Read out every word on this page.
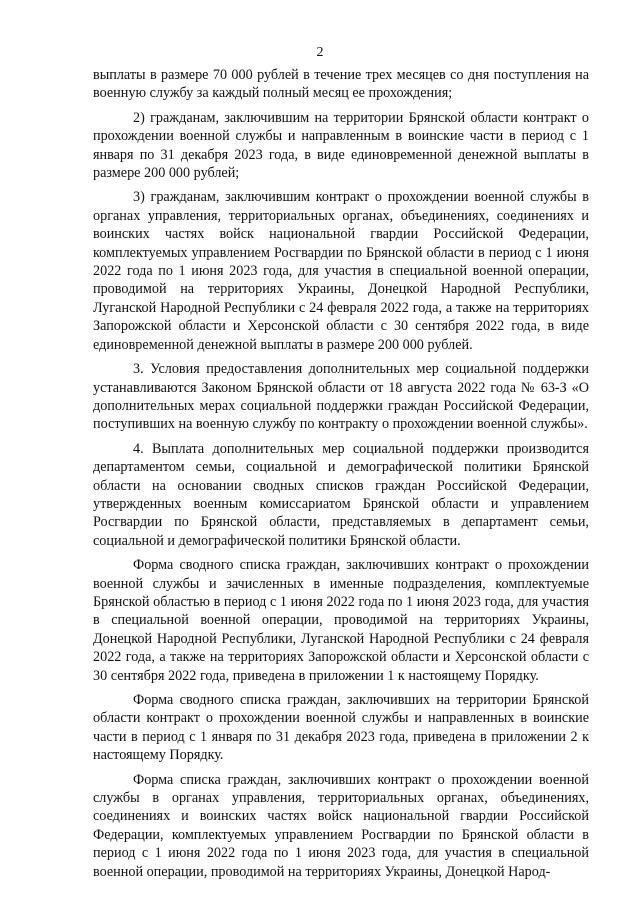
2

выплаты в размере 70 000 рублей в течение трех месяцев со дня поступления на военную службу за каждый полный месяц ее прохождения;

2) гражданам, заключившим на территории Брянской области контракт о прохождении военной службы и направленным в воинские части в период с 1 января по 31 декабря 2023 года, в виде единовременной денежной выплаты в размере 200 000 рублей;

3) гражданам, заключившим контракт о прохождении военной службы в органах управления, территориальных органах, объединениях, соединениях и воинских частях войск национальной гвардии Российской Федерации, комплектуемых управлением Росгвардии по Брянской области в период с 1 июня 2022 года по 1 июня 2023 года, для участия в специальной военной операции, проводимой на территориях Украины, Донецкой Народной Республики, Луганской Народной Республики с 24 февраля 2022 года, а также на территориях Запорожской области и Херсонской области с 30 сентября 2022 года, в виде единовременной денежной выплаты в размере 200 000 рублей.

3. Условия предоставления дополнительных мер социальной поддержки устанавливаются Законом Брянской области от 18 августа 2022 года № 63-З «О дополнительных мерах социальной поддержки граждан Российской Федерации, поступивших на военную службу по контракту о прохождении военной службы».

4. Выплата дополнительных мер социальной поддержки производится департаментом семьи, социальной и демографической политики Брянской области на основании сводных списков граждан Российской Федерации, утвержденных военным комиссариатом Брянской области и управлением Росгвардии по Брянской области, представляемых в департамент семьи, социальной и демографической политики Брянской области.

Форма сводного списка граждан, заключивших контракт о прохождении военной службы и зачисленных в именные подразделения, комплектуемые Брянской областью в период с 1 июня 2022 года по 1 июня 2023 года, для участия в специальной военной операции, проводимой на территориях Украины, Донецкой Народной Республики, Луганской Народной Республики с 24 февраля 2022 года, а также на территориях Запорожской области и Херсонской области с 30 сентября 2022 года, приведена в приложении 1 к настоящему Порядку.

Форма сводного списка граждан, заключивших на территории Брянской области контракт о прохождении военной службы и направленных в воинские части в период с 1 января по 31 декабря 2023 года, приведена в приложении 2 к настоящему Порядку.

Форма списка граждан, заключивших контракт о прохождении военной службы в органах управления, территориальных органах, объединениях, соединениях и воинских частях войск национальной гвардии Российской Федерации, комплектуемых управлением Росгвардии по Брянской области в период с 1 июня 2022 года по 1 июня 2023 года, для участия в специальной военной операции, проводимой на территориях Украины, Донецкой Народ-
